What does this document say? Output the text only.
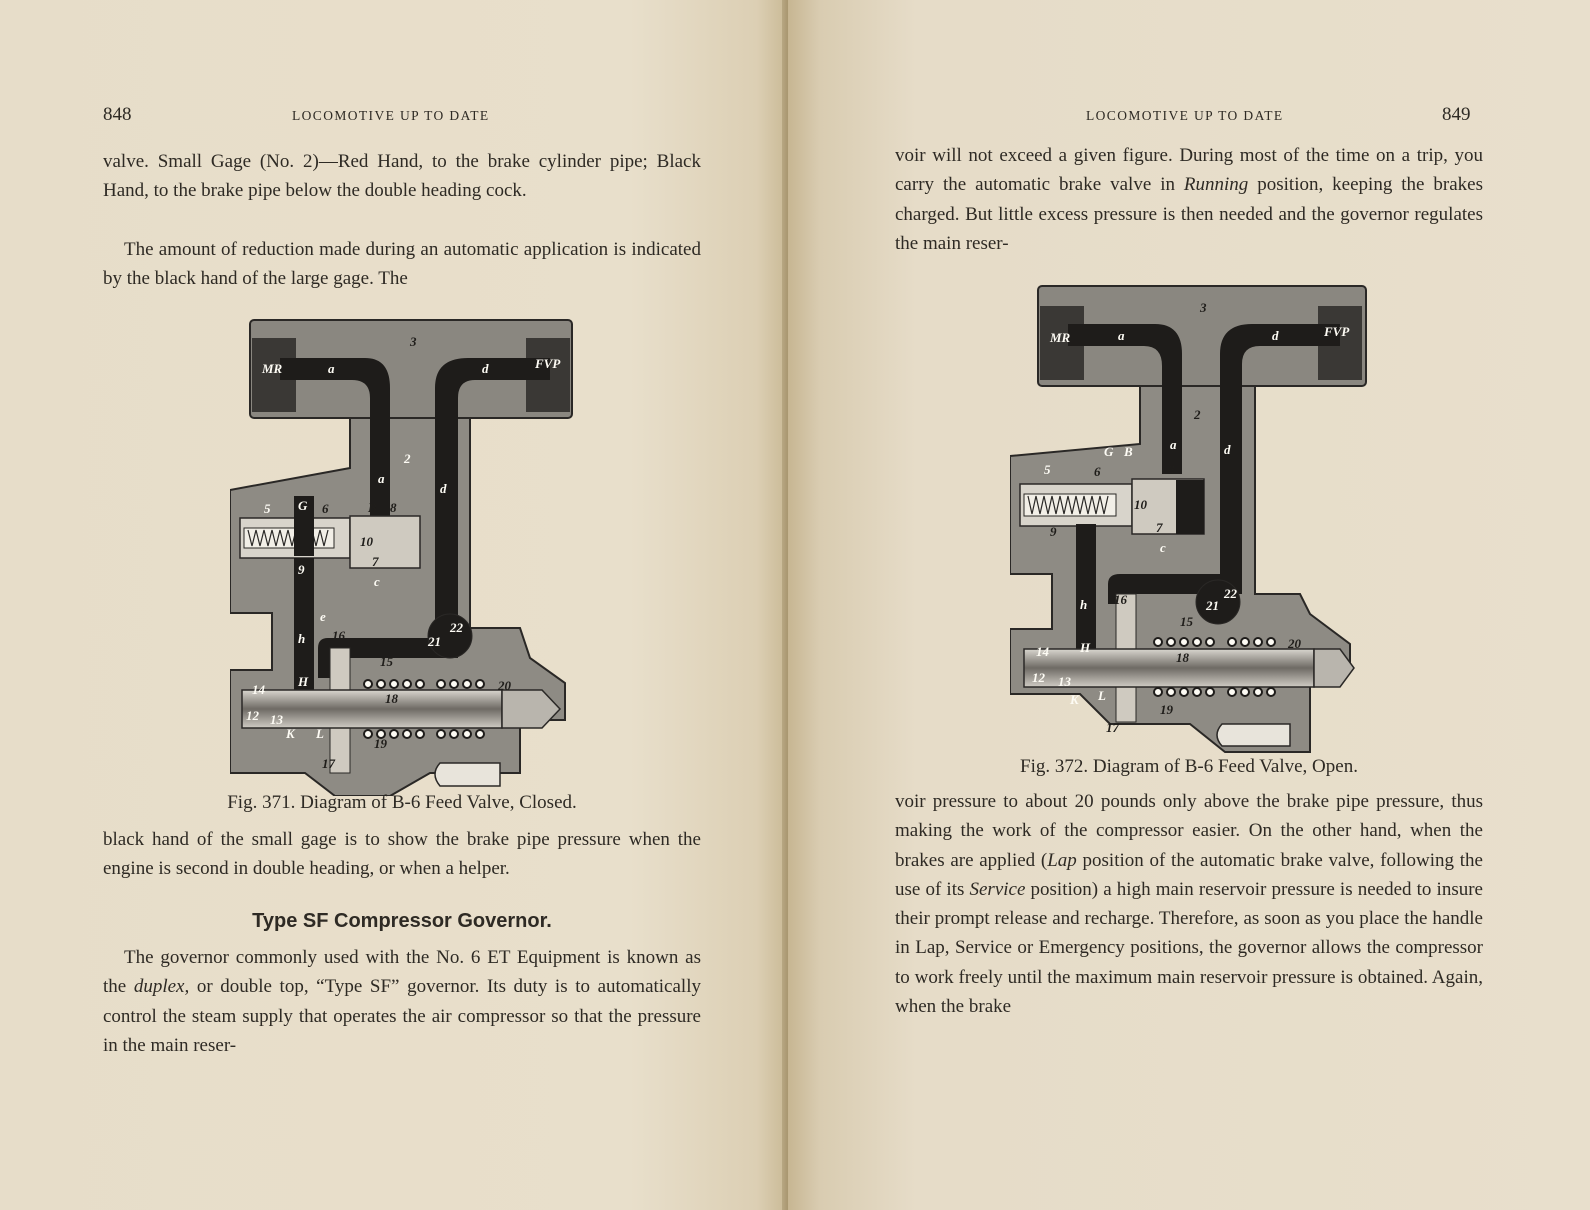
848	LOCOMOTIVE UP TO DATE

valve. Small Gage (No. 2)—Red Hand, to the brake cylinder pipe; Black Hand, to the brake pipe below the double heading cock.

The amount of reduction made during an automatic application is indicated by the black hand of the large gage. The

MR	a
3
d	FVP
2
a
d
5 G 6	B 8
10
7
c
9
h
e
16	21
22
15
14
H
18
20
12 13
K L
19
17

Fig. 371. Diagram of B-6 Feed Valve, Closed.

black hand of the small gage is to show the brake pipe pressure when the engine is second in double heading, or when a helper.

Type SF Compressor Governor.

The governor commonly used with the No. 6 ET Equipment is known as the duplex, or double top, “Type SF” governor. Its duty is to automatically control the steam supply that operates the air compressor so that the pressure in the main reser-

LOCOMOTIVE UP TO DATE	849

voir will not exceed a given figure. During most of the time on a trip, you carry the automatic brake valve in Running position, keeping the brakes charged. But little excess pressure is then needed and the governor regulates the main reser-

MR	a
3
d	FVP
2
a	d
5
G B
6	8
10
7
c
9
h 16	21
22
15
14 H
18
20
12 13
K L
19
17

Fig. 372. Diagram of B-6 Feed Valve, Open.

voir pressure to about 20 pounds only above the brake pipe pressure, thus making the work of the compressor easier. On the other hand, when the brakes are applied (Lap position of the automatic brake valve, following the use of its Service position) a high main reservoir pressure is needed to insure their prompt release and recharge. Therefore, as soon as you place the handle in Lap, Service or Emergency positions, the governor allows the compressor to work freely until the maximum main reservoir pressure is obtained. Again, when the brake
